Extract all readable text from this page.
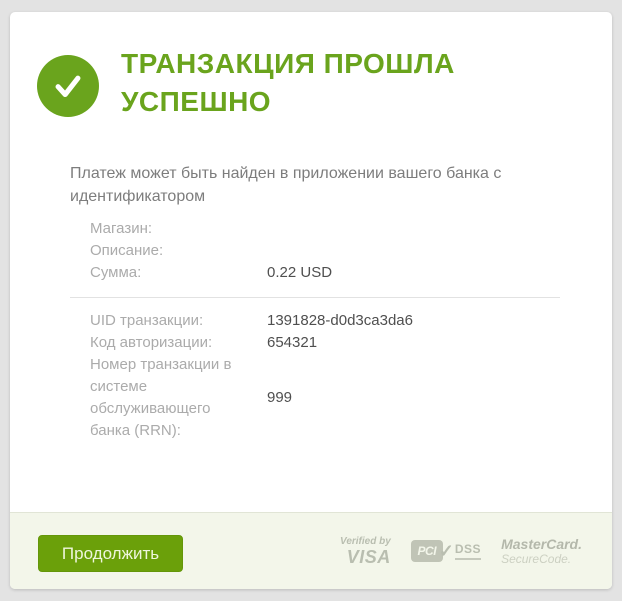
ТРАНЗАКЦИЯ ПРОШЛА УСПЕШНО

Платеж может быть найден в приложении вашего банка с идентификатором

Магазин:
Описание:
Сумма:	0.22 USD
UID транзакции:	1391828-d0d3ca3da6
Код авторизации:	654321
Номер транзакции в системе обслуживающего банка (RRN):
999
Продолжить
Verified by
VISA	PCI ✓ DSS MasterCard.
SecureCode.
